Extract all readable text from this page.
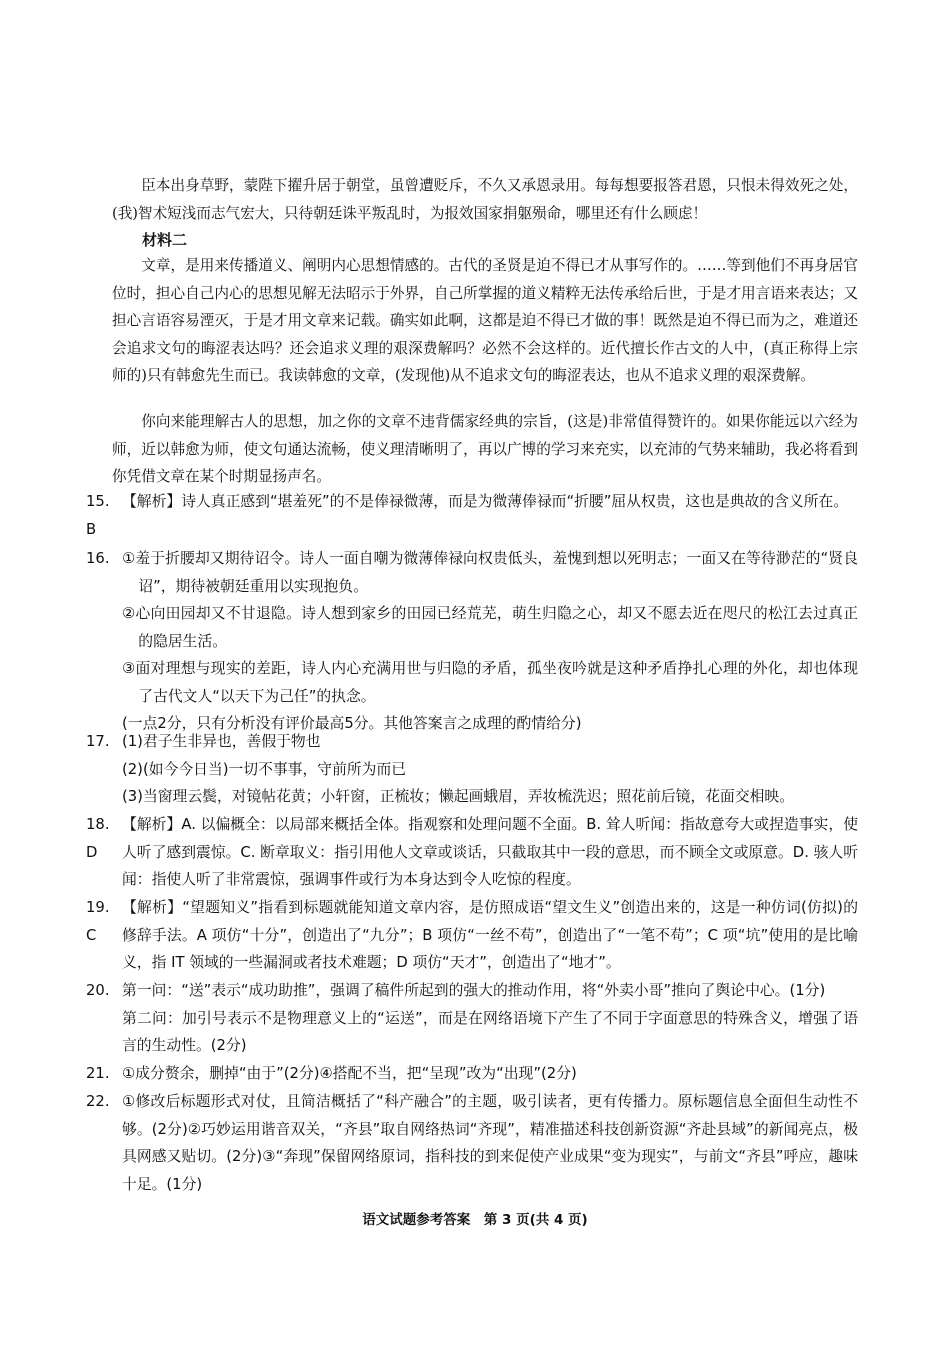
臣本出身草野，蒙陛下擢升居于朝堂，虽曾遭贬斥，不久又承恩录用。每每想要报答君恩，只恨未得效死之处，(我)智术短浅而志气宏大，只待朝廷诛平叛乱时，为报效国家捐躯殒命，哪里还有什么顾虑！

材料二

文章，是用来传播道义、阐明内心思想情感的。古代的圣贤是迫不得已才从事写作的。……等到他们不再身居官位时，担心自己内心的思想见解无法昭示于外界，自己所掌握的道义精粹无法传承给后世，于是才用言语来表达；又担心言语容易湮灭，于是才用文章来记载。确实如此啊，这都是迫不得已才做的事！既然是迫不得已而为之，难道还会追求文句的晦涩表达吗？还会追求义理的艰深费解吗？必然不会这样的。近代擅长作古文的人中，(真正称得上宗师的)只有韩愈先生而已。我读韩愈的文章，(发现他)从不追求文句的晦涩表达，也从不追求义理的艰深费解。

你向来能理解古人的思想，加之你的文章不违背儒家经典的宗旨，(这是)非常值得赞许的。如果你能远以六经为师，近以韩愈为师，使文句通达流畅，使义理清晰明了，再以广博的学习来充实，以充沛的气势来辅助，我必将看到你凭借文章在某个时期显扬声名。

15. B
【解析】诗人真正感到“堪羞死”的不是俸禄微薄，而是为微薄俸禄而“折腰”屈从权贵，这也是典故的含义所在。
16. ①羞于折腰却又期待诏令。诗人一面自嘲为微薄俸禄向权贵低头，羞愧到想以死明志；一面又在等待渺茫的“贤良诏”，期待被朝廷重用以实现抱负。
②心向田园却又不甘退隐。诗人想到家乡的田园已经荒芜，萌生归隐之心，却又不愿去近在咫尺的松江去过真正的隐居生活。
③面对理想与现实的差距，诗人内心充满用世与归隐的矛盾，孤坐夜吟就是这种矛盾挣扎心理的外化，却也体现了古代文人“以天下为己任”的执念。
(一点2分，只有分析没有评价最高5分。其他答案言之成理的酌情给分)
17. (1)君子生非异也，善假于物也
(2)(如今今日当)一切不事事，守前所为而已
(3)当窗理云鬓，对镜帖花黄；小轩窗，正梳妆；懒起画蛾眉，弄妆梳洗迟；照花前后镜，花面交相映。
18. D
【解析】A. 以偏概全：以局部来概括全体。指观察和处理问题不全面。B. 耸人听闻：指故意夸大或捏造事实，使人听了感到震惊。C. 断章取义：指引用他人文章或谈话，只截取其中一段的意思，而不顾全文或原意。D. 骇人听闻：指使人听了非常震惊，强调事件或行为本身达到令人吃惊的程度。
19. C
【解析】“望题知义”指看到标题就能知道文章内容，是仿照成语“望文生义”创造出来的，这是一种仿词(仿拟)的修辞手法。A 项仿“十分”，创造出了“九分”；B 项仿“一丝不苟”，创造出了“一笔不苟”；C 项“坑”使用的是比喻义，指 IT 领域的一些漏洞或者技术难题；D 项仿“天才”，创造出了“地才”。
20. 第一问：“送”表示“成功助推”，强调了稿件所起到的强大的推动作用，将“外卖小哥”推向了舆论中心。(1分)
第二问：加引号表示不是物理意义上的“运送”，而是在网络语境下产生了不同于字面意思的特殊含义，增强了语言的生动性。(2分)
21. ①成分赘余，删掉“由于”(2分)④搭配不当，把“呈现”改为“出现”(2分)
22. ①修改后标题形式对仗，且简洁概括了“科产融合”的主题，吸引读者，更有传播力。原标题信息全面但生动性不够。(2分)②巧妙运用谐音双关，“齐县”取自网络热词“齐现”，精准描述科技创新资源“齐赴县域”的新闻亮点，极具网感又贴切。(2分)③“奔现”保留网络原词，指科技的到来促使产业成果“变为现实”，与前文“齐县”呼应，趣味十足。(1分)
语文试题参考答案　第 3 页(共 4 页)
